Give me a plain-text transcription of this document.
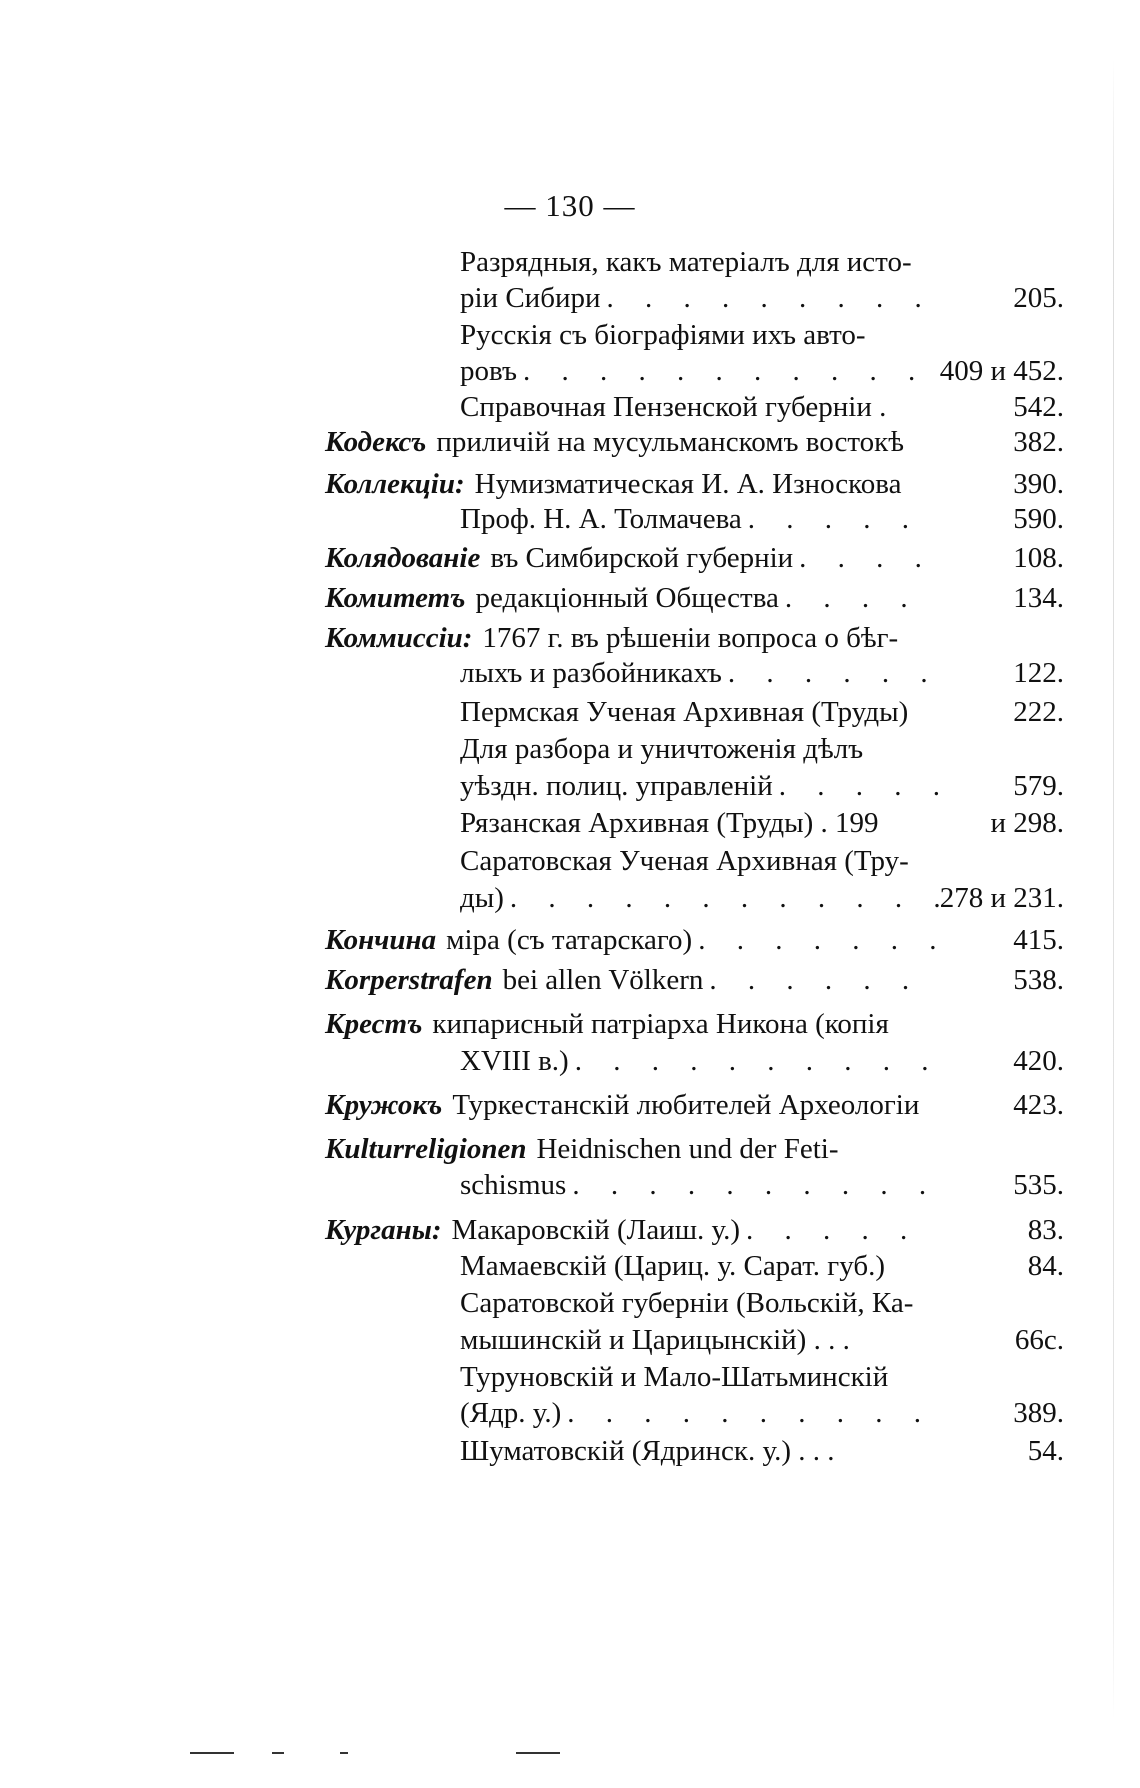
— 130 —
Разрядныя, какъ матеріалъ для исто-
ріи Сибири . . .	205.
Русскія съ біографіями ихъ авто-
ровъ . . .	409 и 452.
Справочная Пензенской губерніи .	542.
Кодексъ приличій на мусульманскомъ востокѣ	382.
Коллекціи: Нумизматическая И. А. Износкова	390.
Проф. Н. А. Толмачева . . .	590.
Колядованіе въ Симбирской губерніи . . .	108.
Комитетъ редакціонный Общества . . .	134.
Коммиссіи: 1767 г. въ рѣшеніи вопроса о бѣг-
лыхъ и разбойникахъ . . .	122.
Пермская Ученая Архивная (Труды)	222.
Для разбора и уничтоженія дѣлъ
уѣздн. полиц. управленій . . .	579.
Рязанская Архивная (Труды) . 199	и 298.
Саратовская Ученая Архивная (Тру-
ды) . . .	278 и 231.
Кончина міра (съ татарскаго) . . .	415.
Korperstrafen bei allen Völkern . . .	538.
Крестъ кипарисный патріарха Никона (копія
XVIII в.) . . .	420.
Кружокъ Туркестанскій любителей Археологіи	423.
Kulturreligionen Heidnischen und der Feti-
schismus . . .	535.
Курганы: Макаровскій (Лаиш. у.) . . .	83.
Мамаевскій (Цариц. у. Сарат. губ.)	84.
Саратовской губерніи (Вольскій, Ка-
мышинскій и Царицынскій) . . .	66с.
Туруновскій и Мало-Шатьминскій
(Ядр. у.) . . .	389.
Шуматовскій (Ядринск. у.) . . .	54.
